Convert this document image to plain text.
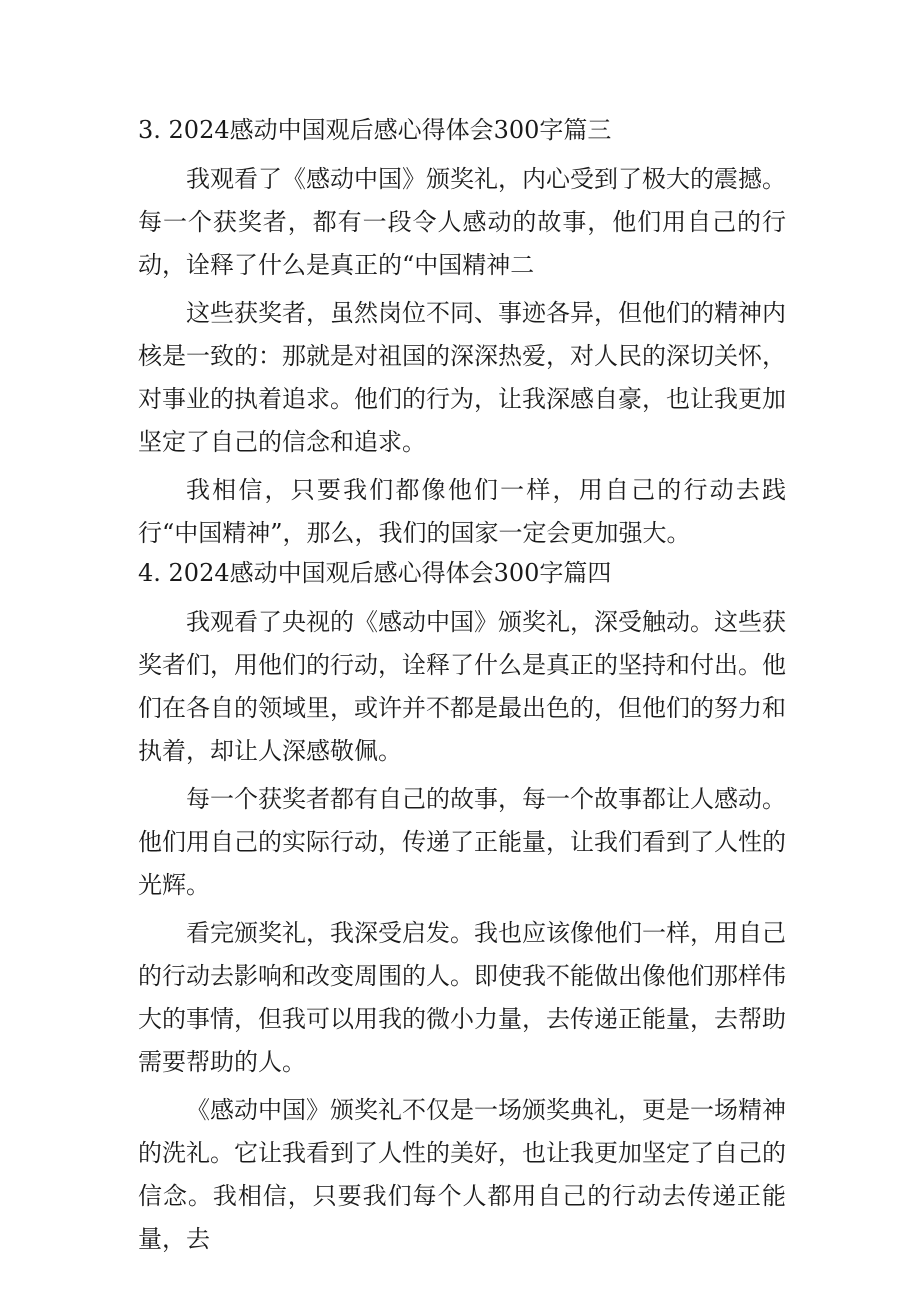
3. 2024感动中国观后感心得体会300字篇三

我观看了《感动中国》颁奖礼，内心受到了极大的震撼。每一个获奖者，都有一段令人感动的故事，他们用自己的行动，诠释了什么是真正的“中国精神二

这些获奖者，虽然岗位不同、事迹各异，但他们的精神内核是一致的：那就是对祖国的深深热爱，对人民的深切关怀，对事业的执着追求。他们的行为，让我深感自豪，也让我更加坚定了自己的信念和追求。

我相信，只要我们都像他们一样，用自己的行动去践行“中国精神”，那么，我们的国家一定会更加强大。

4. 2024感动中国观后感心得体会300字篇四

我观看了央视的《感动中国》颁奖礼，深受触动。这些获奖者们，用他们的行动，诠释了什么是真正的坚持和付出。他们在各自的领域里，或许并不都是最出色的，但他们的努力和执着，却让人深感敬佩。

每一个获奖者都有自己的故事，每一个故事都让人感动。他们用自己的实际行动，传递了正能量，让我们看到了人性的光辉。

看完颁奖礼，我深受启发。我也应该像他们一样，用自己的行动去影响和改变周围的人。即使我不能做出像他们那样伟大的事情，但我可以用我的微小力量，去传递正能量，去帮助需要帮助的人。

《感动中国》颁奖礼不仅是一场颁奖典礼，更是一场精神的洗礼。它让我看到了人性的美好，也让我更加坚定了自己的信念。我相信，只要我们每个人都用自己的行动去传递正能量，去
